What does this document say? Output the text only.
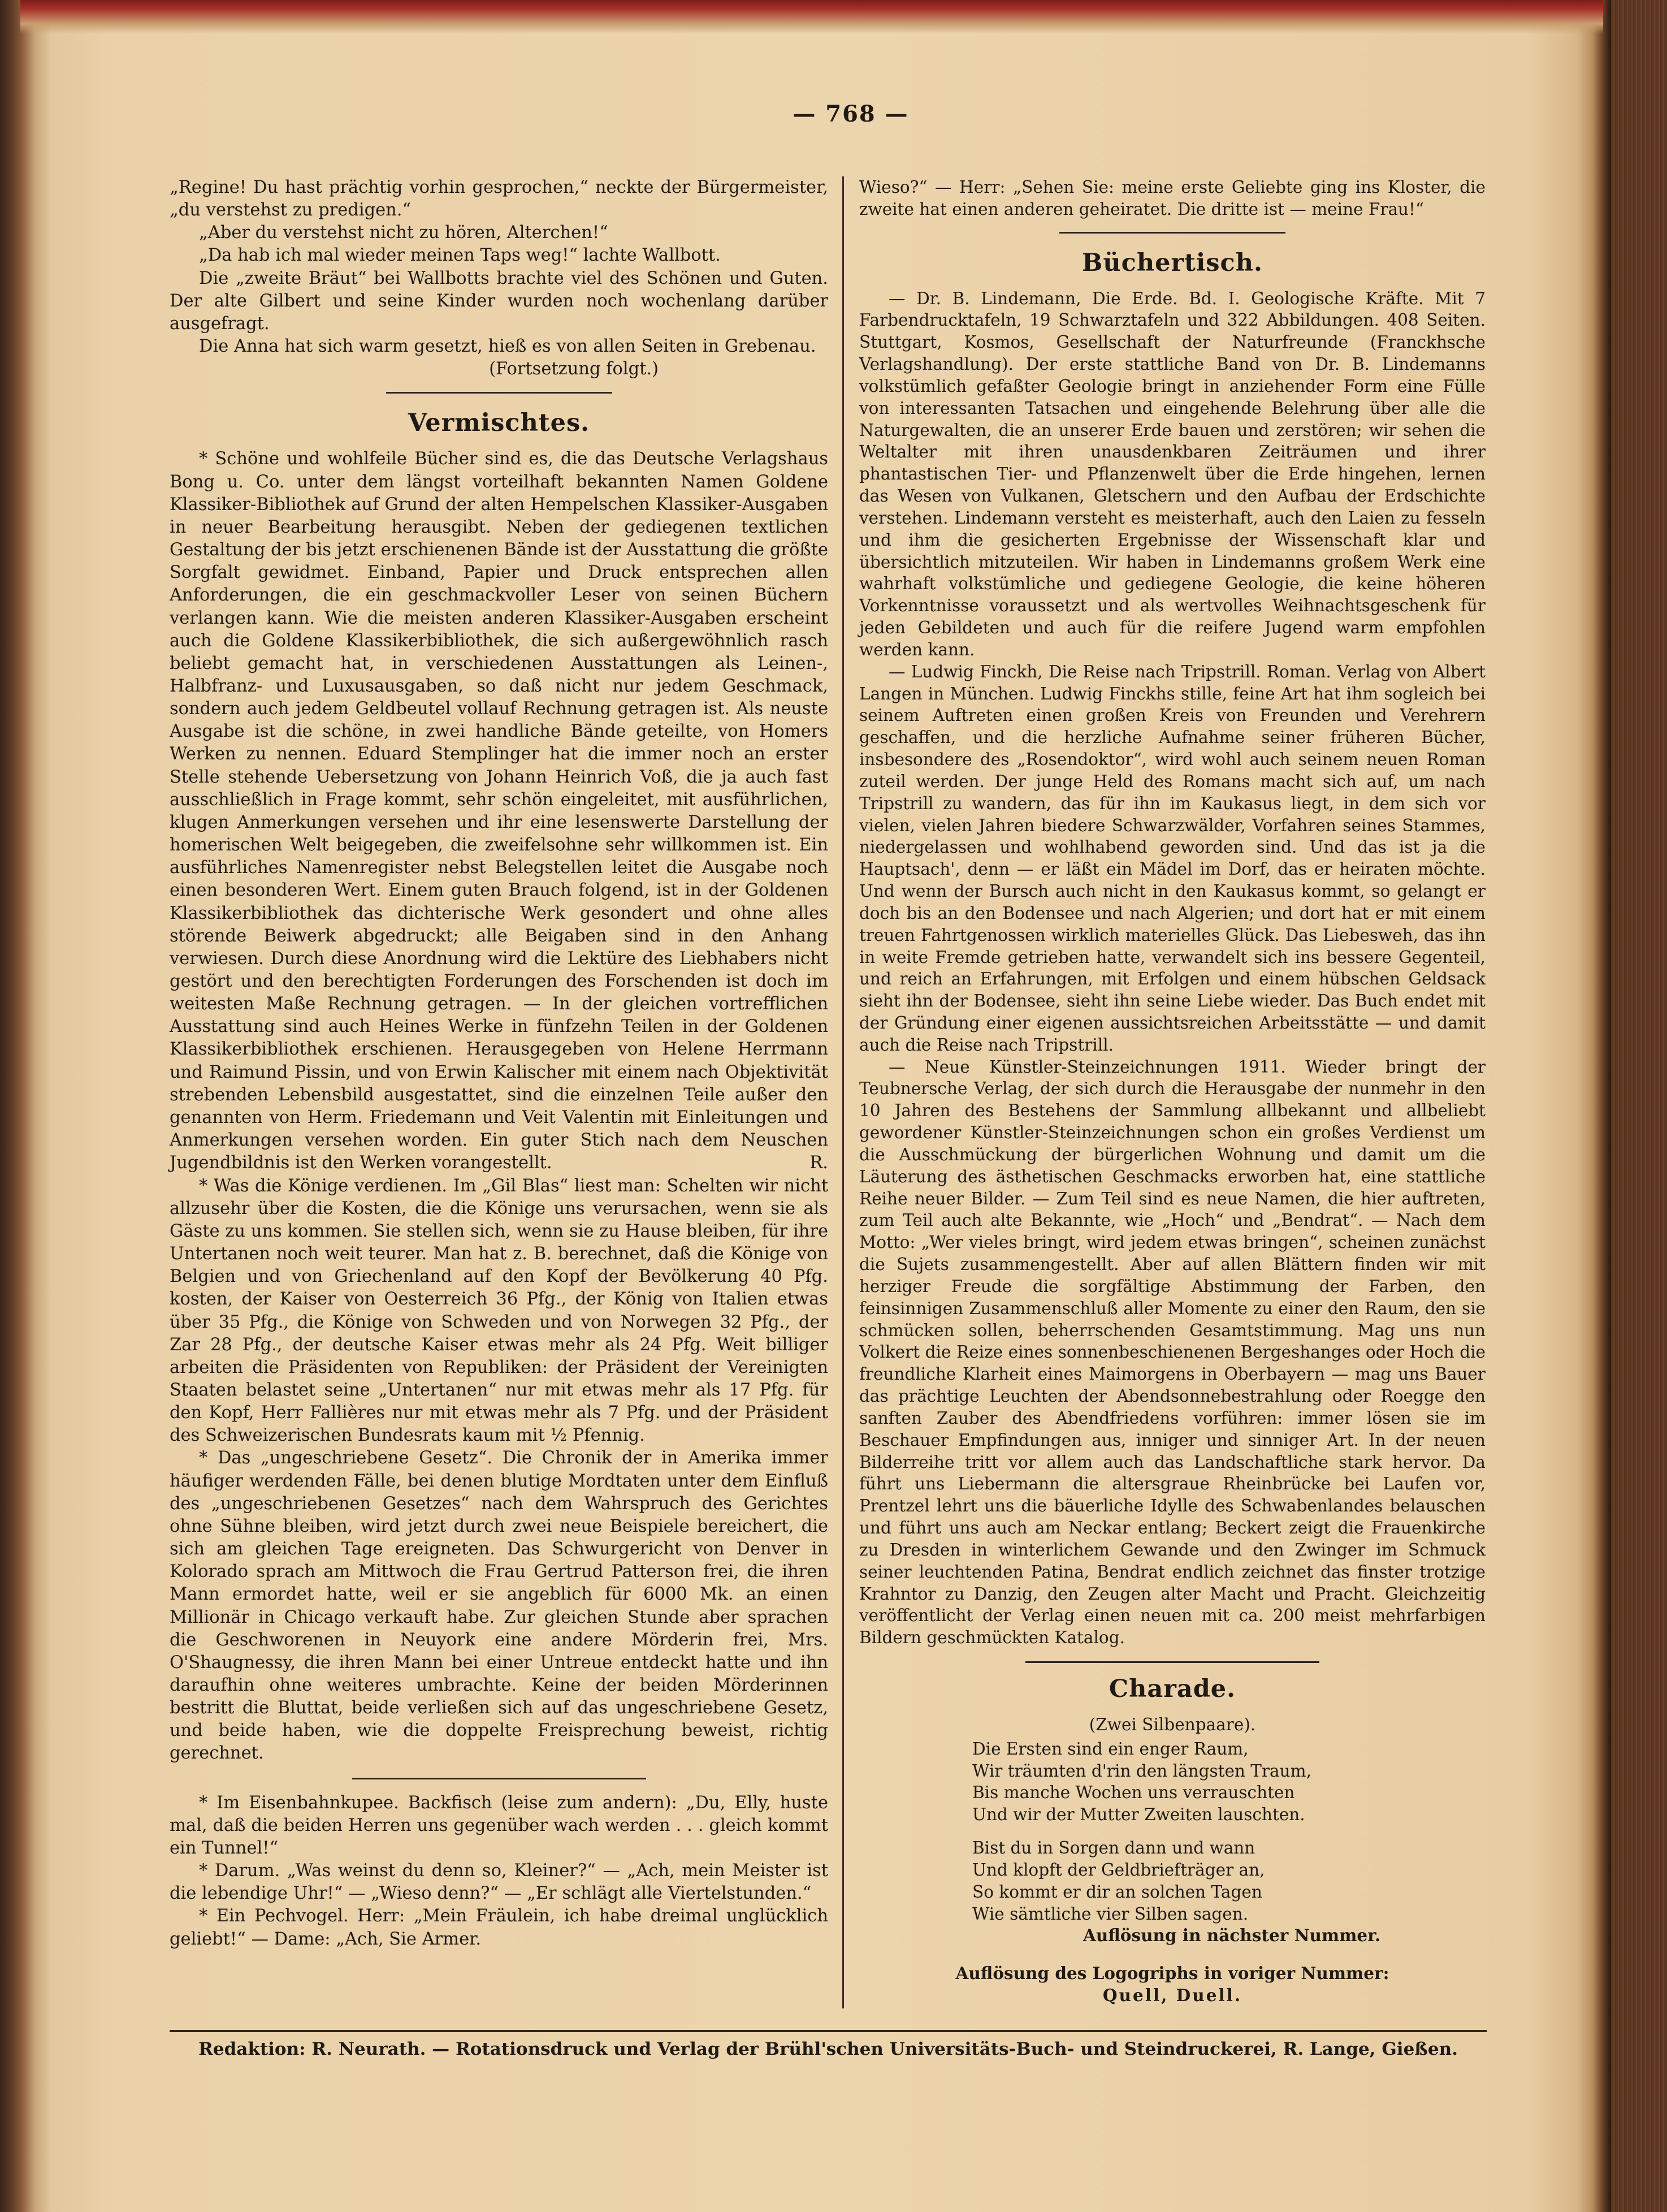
— 768 —

„Regine! Du hast prächtig vorhin gesprochen,“ neckte der Bürgermeister, „du verstehst zu predigen.“

„Aber du verstehst nicht zu hören, Alterchen!“

„Da hab ich mal wieder meinen Taps weg!“ lachte Wallbott.

Die „zweite Bräut“ bei Wallbotts brachte viel des Schönen und Guten. Der alte Gilbert und seine Kinder wurden noch wochenlang darüber ausgefragt.

Die Anna hat sich warm gesetzt, hieß es von allen Seiten in Grebenau.

(Fortsetzung folgt.)
Vermischtes.

* Schöne und wohlfeile Bücher sind es, die das Deutsche Verlagshaus Bong u. Co. unter dem längst vorteilhaft bekannten Namen Goldene Klassiker-Bibliothek auf Grund der alten Hempelschen Klassiker-Ausgaben in neuer Bearbeitung herausgibt. Neben der gediegenen textlichen Gestaltung der bis jetzt erschienenen Bände ist der Ausstattung die größte Sorgfalt gewidmet. Einband, Papier und Druck entsprechen allen Anforderungen, die ein geschmackvoller Leser von seinen Büchern verlangen kann. Wie die meisten anderen Klassiker-Ausgaben erscheint auch die Goldene Klassikerbibliothek, die sich außergewöhnlich rasch beliebt gemacht hat, in verschiedenen Ausstattungen als Leinen-, Halbfranz- und Luxusausgaben, so daß nicht nur jedem Geschmack, sondern auch jedem Geldbeutel vollauf Rechnung getragen ist. Als neuste Ausgabe ist die schöne, in zwei handliche Bände geteilte, von Homers Werken zu nennen. Eduard Stemplinger hat die immer noch an erster Stelle stehende Uebersetzung von Johann Heinrich Voß, die ja auch fast ausschließlich in Frage kommt, sehr schön eingeleitet, mit ausführlichen, klugen Anmerkungen versehen und ihr eine lesenswerte Darstellung der homerischen Welt beigegeben, die zweifelsohne sehr willkommen ist. Ein ausführliches Namenregister nebst Belegstellen leitet die Ausgabe noch einen besonderen Wert. Einem guten Brauch folgend, ist in der Goldenen Klassikerbibliothek das dichterische Werk gesondert und ohne alles störende Beiwerk abgedruckt; alle Beigaben sind in den Anhang verwiesen. Durch diese Anordnung wird die Lektüre des Liebhabers nicht gestört und den berechtigten Forderungen des Forschenden ist doch im weitesten Maße Rechnung getragen. — In der gleichen vortrefflichen Ausstattung sind auch Heines Werke in fünfzehn Teilen in der Goldenen Klassikerbibliothek erschienen. Herausgegeben von Helene Herrmann und Raimund Pissin, und von Erwin Kalischer mit einem nach Objektivität strebenden Lebensbild ausgestattet, sind die einzelnen Teile außer den genannten von Herm. Friedemann und Veit Valentin mit Einleitungen und Anmerkungen versehen worden. Ein guter Stich nach dem Neuschen Jugendbildnis ist den Werken vorangestellt.	R.

* Was die Könige verdienen. Im „Gil Blas“ liest man: Schelten wir nicht allzusehr über die Kosten, die die Könige uns verursachen, wenn sie als Gäste zu uns kommen. Sie stellen sich, wenn sie zu Hause bleiben, für ihre Untertanen noch weit teurer. Man hat z. B. berechnet, daß die Könige von Belgien und von Griechenland auf den Kopf der Bevölkerung 40 Pfg. kosten, der Kaiser von Oesterreich 36 Pfg., der König von Italien etwas über 35 Pfg., die Könige von Schweden und von Norwegen 32 Pfg., der Zar 28 Pfg., der deutsche Kaiser etwas mehr als 24 Pfg. Weit billiger arbeiten die Präsidenten von Republiken: der Präsident der Vereinigten Staaten belastet seine „Untertanen“ nur mit etwas mehr als 17 Pfg. für den Kopf, Herr Fallières nur mit etwas mehr als 7 Pfg. und der Präsident des Schweizerischen Bundesrats kaum mit ½ Pfennig.

* Das „ungeschriebene Gesetz“. Die Chronik der in Amerika immer häufiger werdenden Fälle, bei denen blutige Mordtaten unter dem Einfluß des „ungeschriebenen Gesetzes“ nach dem Wahrspruch des Gerichtes ohne Sühne bleiben, wird jetzt durch zwei neue Beispiele bereichert, die sich am gleichen Tage ereigneten. Das Schwurgericht von Denver in Kolorado sprach am Mittwoch die Frau Gertrud Patterson frei, die ihren Mann ermordet hatte, weil er sie angeblich für 6000 Mk. an einen Millionär in Chicago verkauft habe. Zur gleichen Stunde aber sprachen die Geschworenen in Neuyork eine andere Mörderin frei, Mrs. O'Shaugnessy, die ihren Mann bei einer Untreue entdeckt hatte und ihn daraufhin ohne weiteres umbrachte. Keine der beiden Mörderinnen bestritt die Bluttat, beide verließen sich auf das ungeschriebene Gesetz, und beide haben, wie die doppelte Freisprechung beweist, richtig gerechnet.

* Im Eisenbahnkupee. Backfisch (leise zum andern): „Du, Elly, huste mal, daß die beiden Herren uns gegenüber wach werden . . . gleich kommt ein Tunnel!“

* Darum. „Was weinst du denn so, Kleiner?“ — „Ach, mein Meister ist die lebendige Uhr!“ — „Wieso denn?“ — „Er schlägt alle Viertelstunden.“

* Ein Pechvogel. Herr: „Mein Fräulein, ich habe dreimal unglücklich geliebt!“ — Dame: „Ach, Sie Armer.

Wieso?“ — Herr: „Sehen Sie: meine erste Geliebte ging ins Kloster, die zweite hat einen anderen geheiratet. Die dritte ist — meine Frau!“

Büchertisch.

— Dr. B. Lindemann, Die Erde. Bd. I. Geologische Kräfte. Mit 7 Farbendrucktafeln, 19 Schwarztafeln und 322 Abbildungen. 408 Seiten. Stuttgart, Kosmos, Gesellschaft der Naturfreunde (Franckhsche Verlagshandlung). Der erste stattliche Band von Dr. B. Lindemanns volkstümlich gefaßter Geologie bringt in anziehender Form eine Fülle von interessanten Tatsachen und eingehende Belehrung über alle die Naturgewalten, die an unserer Erde bauen und zerstören; wir sehen die Weltalter mit ihren unausdenkbaren Zeiträumen und ihrer phantastischen Tier- und Pflanzenwelt über die Erde hingehen, lernen das Wesen von Vulkanen, Gletschern und den Aufbau der Erdschichte verstehen. Lindemann versteht es meisterhaft, auch den Laien zu fesseln und ihm die gesicherten Ergebnisse der Wissenschaft klar und übersichtlich mitzuteilen. Wir haben in Lindemanns großem Werk eine wahrhaft volkstümliche und gediegene Geologie, die keine höheren Vorkenntnisse voraussetzt und als wertvolles Weihnachtsgeschenk für jeden Gebildeten und auch für die reifere Jugend warm empfohlen werden kann.

— Ludwig Finckh, Die Reise nach Tripstrill. Roman. Verlag von Albert Langen in München. Ludwig Finckhs stille, feine Art hat ihm sogleich bei seinem Auftreten einen großen Kreis von Freunden und Verehrern geschaffen, und die herzliche Aufnahme seiner früheren Bücher, insbesondere des „Rosendoktor“, wird wohl auch seinem neuen Roman zuteil werden. Der junge Held des Romans macht sich auf, um nach Tripstrill zu wandern, das für ihn im Kaukasus liegt, in dem sich vor vielen, vielen Jahren biedere Schwarzwälder, Vorfahren seines Stammes, niedergelassen und wohlhabend geworden sind. Und das ist ja die Hauptsach', denn — er läßt ein Mädel im Dorf, das er heiraten möchte. Und wenn der Bursch auch nicht in den Kaukasus kommt, so gelangt er doch bis an den Bodensee und nach Algerien; und dort hat er mit einem treuen Fahrtgenossen wirklich materielles Glück. Das Liebesweh, das ihn in weite Fremde getrieben hatte, verwandelt sich ins bessere Gegenteil, und reich an Erfahrungen, mit Erfolgen und einem hübschen Geldsack sieht ihn der Bodensee, sieht ihn seine Liebe wieder. Das Buch endet mit der Gründung einer eigenen aussichtsreichen Arbeitsstätte — und damit auch die Reise nach Tripstrill.

— Neue Künstler-Steinzeichnungen 1911. Wieder bringt der Teubnersche Verlag, der sich durch die Herausgabe der nunmehr in den 10 Jahren des Bestehens der Sammlung allbekannt und allbeliebt gewordener Künstler-Steinzeichnungen schon ein großes Verdienst um die Ausschmückung der bürgerlichen Wohnung und damit um die Läuterung des ästhetischen Geschmacks erworben hat, eine stattliche Reihe neuer Bilder. — Zum Teil sind es neue Namen, die hier auftreten, zum Teil auch alte Bekannte, wie „Hoch“ und „Bendrat“. — Nach dem Motto: „Wer vieles bringt, wird jedem etwas bringen“, scheinen zunächst die Sujets zusammengestellt. Aber auf allen Blättern finden wir mit herziger Freude die sorgfältige Abstimmung der Farben, den feinsinnigen Zusammenschluß aller Momente zu einer den Raum, den sie schmücken sollen, beherrschenden Gesamtstimmung. Mag uns nun Volkert die Reize eines sonnenbeschienenen Bergeshanges oder Hoch die freundliche Klarheit eines Maimorgens in Oberbayern — mag uns Bauer das prächtige Leuchten der Abendsonnebestrahlung oder Roegge den sanften Zauber des Abendfriedens vorführen: immer lösen sie im Beschauer Empfindungen aus, inniger und sinniger Art. In der neuen Bilderreihe tritt vor allem auch das Landschaftliche stark hervor. Da führt uns Liebermann die altersgraue Rheinbrücke bei Laufen vor, Prentzel lehrt uns die bäuerliche Idylle des Schwabenlandes belauschen und führt uns auch am Neckar entlang; Beckert zeigt die Frauenkirche zu Dresden in winterlichem Gewande und den Zwinger im Schmuck seiner leuchtenden Patina, Bendrat endlich zeichnet das finster trotzige Krahntor zu Danzig, den Zeugen alter Macht und Pracht. Gleichzeitig veröffentlicht der Verlag einen neuen mit ca. 200 meist mehrfarbigen Bildern geschmückten Katalog.

Charade.
(Zwei Silbenpaare).
Die Ersten sind ein enger Raum,
Wir träumten d'rin den längsten Traum,
Bis manche Wochen uns verrauschten
Und wir der Mutter Zweiten lauschten.
Bist du in Sorgen dann und wann
Und klopft der Geldbriefträger an,
So kommt er dir an solchen Tagen
Wie sämtliche vier Silben sagen.
Auflösung in nächster Nummer.
Auflösung des Logogriphs in voriger Nummer:
Quell, Duell.
Redaktion: R. Neurath. — Rotationsdruck und Verlag der Brühl'schen Universitäts-Buch- und Steindruckerei, R. Lange, Gießen.
